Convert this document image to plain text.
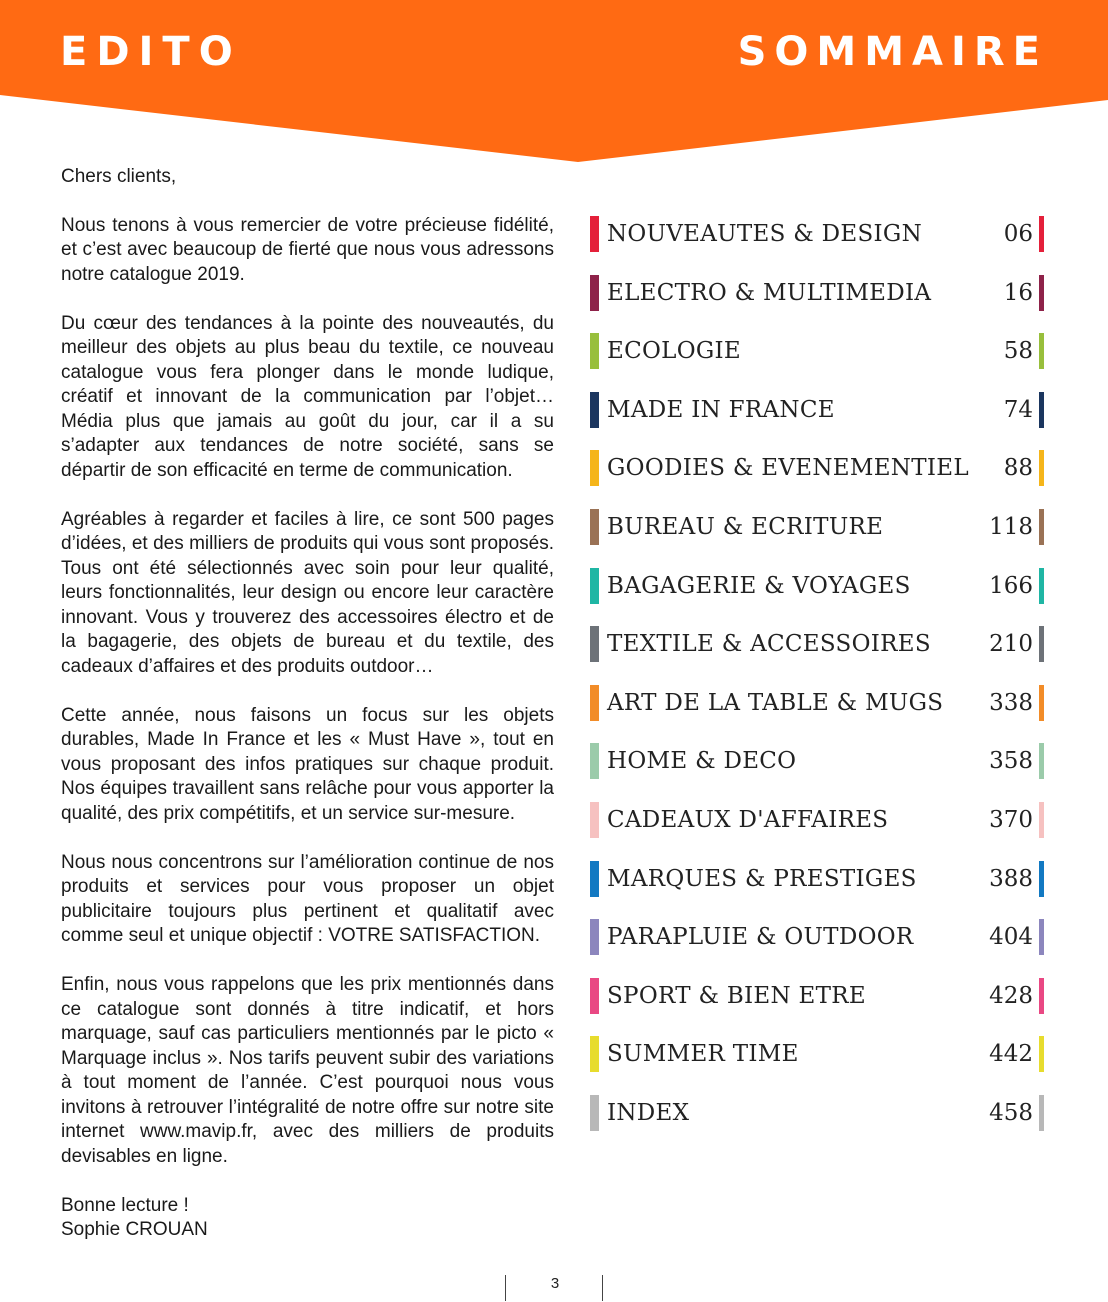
EDITO	SOMMAIRE

Chers clients,

Nous tenons à vous remercier de votre précieuse fidélité, et c’est avec beaucoup de fierté que nous vous adressons notre catalogue 2019.

Du cœur des tendances à la pointe des nouveautés, du meilleur des objets au plus beau du textile, ce nouveau catalogue vous fera plonger dans le monde ludique, créatif et innovant de la communication par l’objet… Média plus que jamais au goût du jour, car il a su s’adapter aux tendances de notre société, sans se départir de son efficacité en terme de communication.

Agréables à regarder et faciles à lire, ce sont 500 pages d’idées, et des milliers de produits qui vous sont proposés. Tous ont été sélectionnés avec soin pour leur qualité, leurs fonctionnalités, leur design ou encore leur caractère innovant. Vous y trouverez des accessoires électro et de la bagagerie, des objets de bureau et du textile, des cadeaux d’affaires et des produits outdoor…

Cette année, nous faisons un focus sur les objets durables, Made In France et les « Must Have », tout en vous proposant des infos pratiques sur chaque produit. Nos équipes travaillent sans relâche pour vous apporter la qualité, des prix compétitifs, et un service sur-mesure.

Nous nous concentrons sur l’amélioration continue de nos produits et services pour vous proposer un objet publicitaire toujours plus pertinent et qualitatif avec comme seul et unique objectif : VOTRE SATISFACTION.

Enfin, nous vous rappelons que les prix mentionnés dans ce catalogue sont donnés à titre indicatif, et hors marquage, sauf cas particuliers mentionnés par le picto « Marquage inclus ». Nos tarifs peuvent subir des variations à tout moment de l’année. C’est pourquoi nous vous invitons à retrouver l’intégralité de notre offre sur notre site internet www.mavip.fr, avec des milliers de produits devisables en ligne.

Bonne lecture !

Sophie CROUAN

NOUVEAUTES & DESIGN	06
ELECTRO & MULTIMEDIA	16
ECOLOGIE	58
MADE IN FRANCE	74
GOODIES & EVENEMENTIEL 88
BUREAU & ECRITURE	118
BAGAGERIE & VOYAGES	166
TEXTILE & ACCESSOIRES	210
ART DE LA TABLE & MUGS 338
HOME & DECO	358
CADEAUX D'AFFAIRES	370
MARQUES & PRESTIGES	388
PARAPLUIE & OUTDOOR	404
SPORT & BIEN ETRE	428
SUMMER TIME	442
INDEX	458
3
